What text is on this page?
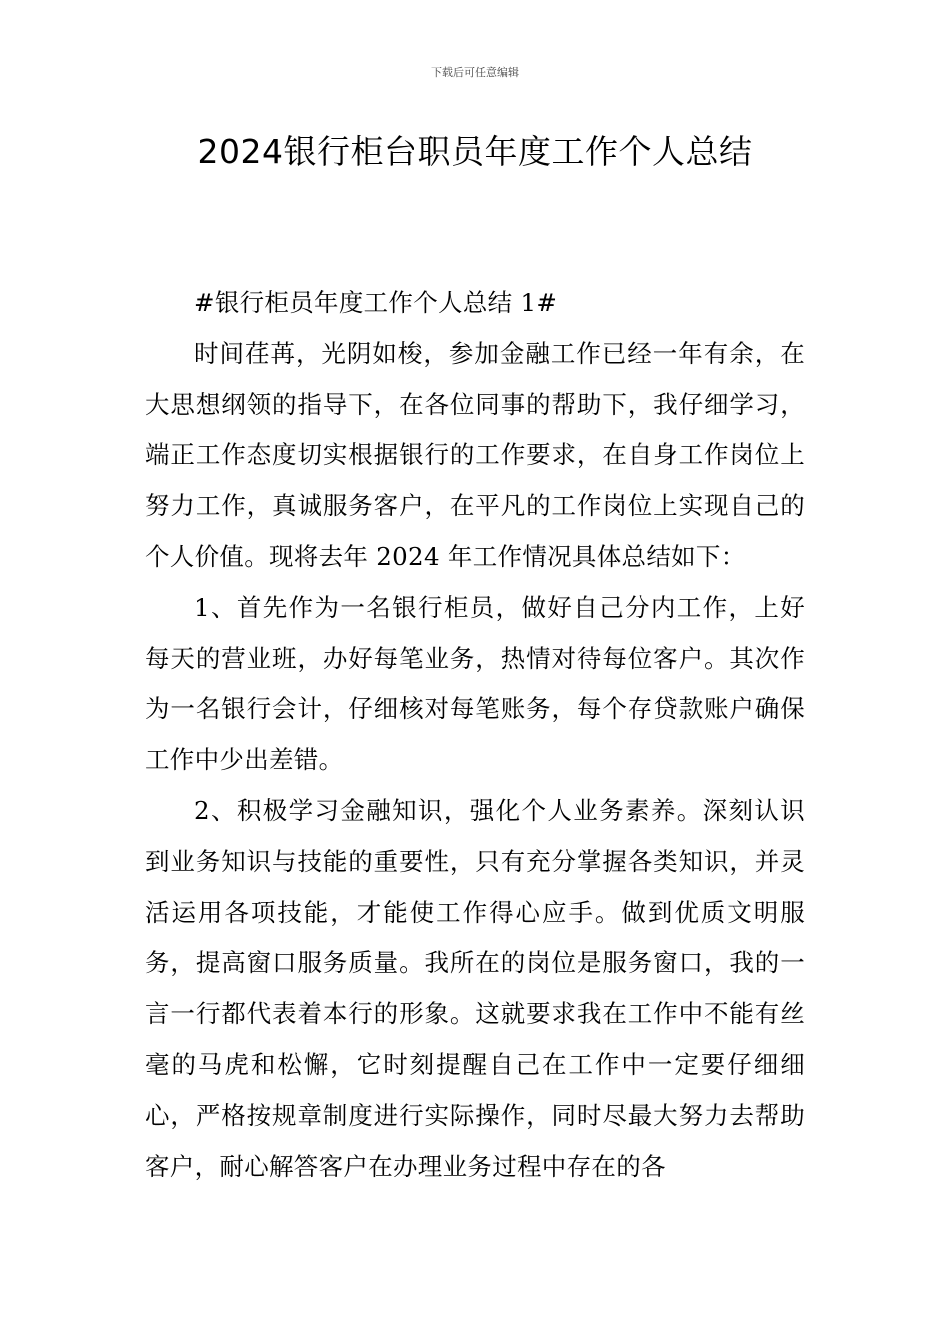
下载后可任意编辑
2024银行柜台职员年度工作个人总结

#银行柜员年度工作个人总结 1#

时间荏苒，光阴如梭，参加金融工作已经一年有余，在大思想纲领的指导下，在各位同事的帮助下，我仔细学习，端正工作态度切实根据银行的工作要求，在自身工作岗位上努力工作，真诚服务客户，在平凡的工作岗位上实现自己的个人价值。现将去年 2024 年工作情况具体总结如下：

1、首先作为一名银行柜员，做好自己分内工作，上好每天的营业班，办好每笔业务，热情对待每位客户。其次作为一名银行会计，仔细核对每笔账务，每个存贷款账户确保工作中少出差错。

2、积极学习金融知识，强化个人业务素养。深刻认识到业务知识与技能的重要性，只有充分掌握各类知识，并灵活运用各项技能，才能使工作得心应手。做到优质文明服务，提高窗口服务质量。我所在的岗位是服务窗口，我的一言一行都代表着本行的形象。这就要求我在工作中不能有丝毫的马虎和松懈，它时刻提醒自己在工作中一定要仔细细心，严格按规章制度进行实际操作，同时尽最大努力去帮助客户，耐心解答客户在办理业务过程中存在的各
